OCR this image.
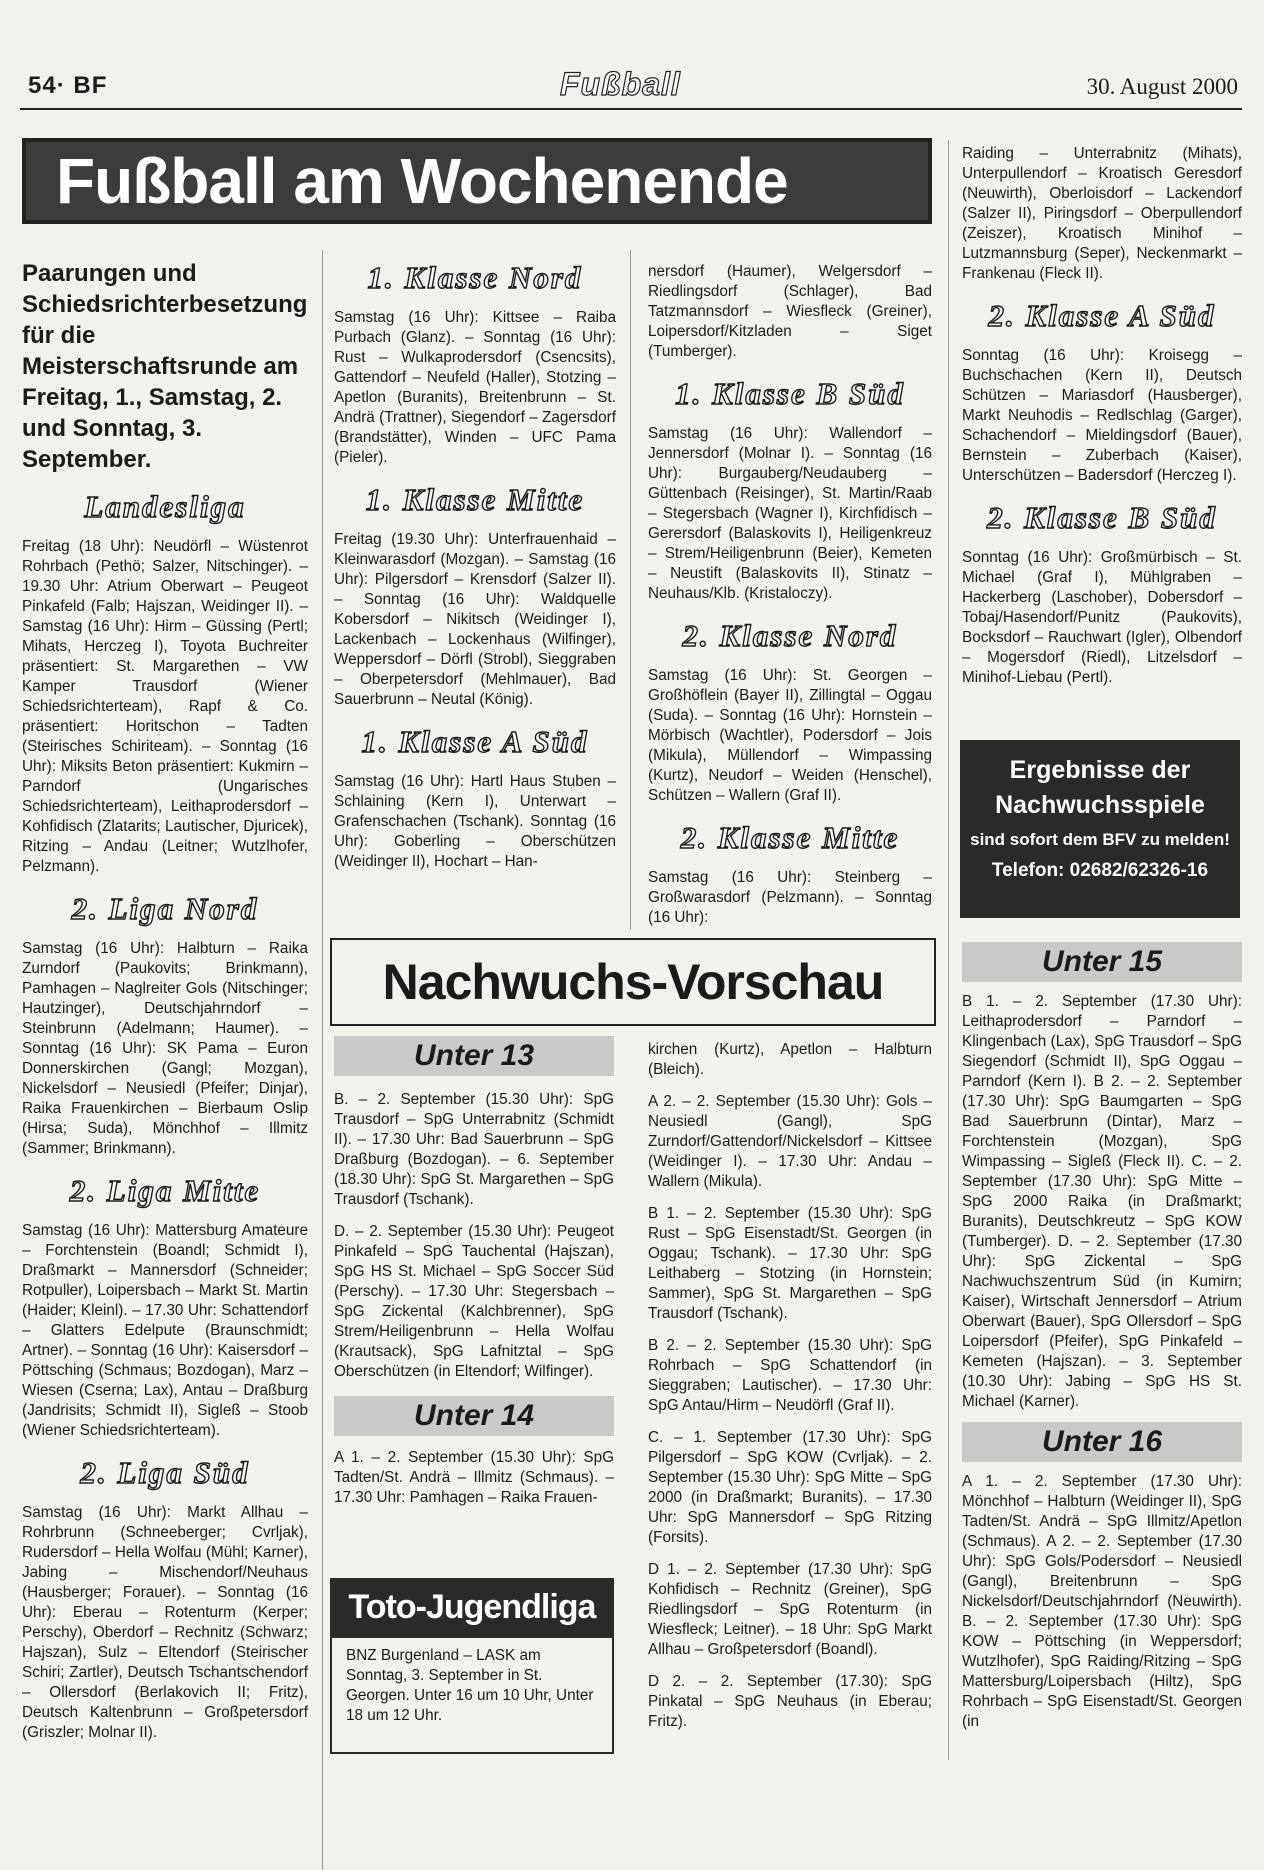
54· BF	Fußball	30. August 2000
Fußball am Wochenende

Paarungen und Schiedsrichterbesetzung für die Meisterschaftsrunde am Freitag, 1., Samstag, 2. und Sonntag, 3. September.

Landesliga

Freitag (18 Uhr): Neudörfl – Wüstenrot Rohrbach (Pethö; Salzer, Nitschinger). – 19.30 Uhr: Atrium Oberwart – Peugeot Pinkafeld (Falb; Hajszan, Weidinger II). – Samstag (16 Uhr): Hirm – Güssing (Pertl; Mihats, Herczeg I), Toyota Buchreiter präsentiert: St. Margarethen – VW Kamper Trausdorf (Wiener Schiedsrichterteam), Rapf & Co. präsentiert: Horitschon – Tadten (Steirisches Schiriteam). – Sonntag (16 Uhr): Miksits Beton präsentiert: Kukmirn – Parndorf (Ungarisches Schiedsrichterteam), Leithaprodersdorf – Kohfidisch (Zlatarits; Lautischer, Djuricek), Ritzing – Andau (Leitner; Wutzlhofer, Pelzmann).

2. Liga Nord

Samstag (16 Uhr): Halbturn – Raika Zurndorf (Paukovits; Brinkmann), Pamhagen – Naglreiter Gols (Nitschinger; Hautzinger), Deutschjahrndorf – Steinbrunn (Adelmann; Haumer). – Sonntag (16 Uhr): SK Pama – Euron Donnerskirchen (Gangl; Mozgan), Nickelsdorf – Neusiedl (Pfeifer; Dinjar), Raika Frauenkirchen – Bierbaum Oslip (Hirsa; Suda), Mönchhof – Illmitz (Sammer; Brinkmann).

2. Liga Mitte

Samstag (16 Uhr): Mattersburg Amateure – Forchtenstein (Boandl; Schmidt I), Draßmarkt – Mannersdorf (Schneider; Rotpuller), Loipersbach – Markt St. Martin (Haider; Kleinl). – 17.30 Uhr: Schattendorf – Glatters Edelpute (Braunschmidt; Artner). – Sonntag (16 Uhr): Kaisersdorf – Pöttsching (Schmaus; Bozdogan), Marz – Wiesen (Cserna; Lax), Antau – Draßburg (Jandrisits; Schmidt II), Sigleß – Stoob (Wiener Schiedsrichterteam).

2. Liga Süd

Samstag (16 Uhr): Markt Allhau – Rohrbrunn (Schneeberger; Cvrljak), Rudersdorf – Hella Wolfau (Mühl; Karner), Jabing – Mischendorf/Neuhaus (Hausberger; Forauer). – Sonntag (16 Uhr): Eberau – Rotenturm (Kerper; Perschy), Oberdorf – Rechnitz (Schwarz; Hajszan), Sulz – Eltendorf (Steirischer Schiri; Zartler), Deutsch Tschantschendorf – Ollersdorf (Berlakovich II; Fritz), Deutsch Kaltenbrunn – Großpetersdorf (Griszler; Molnar II).

1. Klasse Nord

Samstag (16 Uhr): Kittsee – Raiba Purbach (Glanz). – Sonntag (16 Uhr): Rust – Wulkaprodersdorf (Csencsits), Gattendorf – Neufeld (Haller), Stotzing – Apetlon (Buranits), Breitenbrunn – St. Andrä (Trattner), Siegendorf – Zagersdorf (Brandstätter), Winden – UFC Pama (Pieler).

1. Klasse Mitte

Freitag (19.30 Uhr): Unterfrauenhaid – Kleinwarasdorf (Mozgan). – Samstag (16 Uhr): Pilgersdorf – Krensdorf (Salzer II). – Sonntag (16 Uhr): Waldquelle Kobersdorf – Nikitsch (Weidinger I), Lackenbach – Lockenhaus (Wilfinger), Weppersdorf – Dörfl (Strobl), Sieggraben – Oberpetersdorf (Mehlmauer), Bad Sauerbrunn – Neutal (König).

1. Klasse A Süd

Samstag (16 Uhr): Hartl Haus Stuben – Schlaining (Kern I), Unterwart – Grafenschachen (Tschank). Sonntag (16 Uhr): Goberling – Oberschützen (Weidinger II), Hochart – Han-

nersdorf (Haumer), Welgersdorf – Riedlingsdorf (Schlager), Bad Tatzmannsdorf – Wiesfleck (Greiner), Loipersdorf/Kitzladen – Siget (Tumberger).

1. Klasse B Süd

Samstag (16 Uhr): Wallendorf – Jennersdorf (Molnar I). – Sonntag (16 Uhr): Burgauberg/Neudauberg – Güttenbach (Reisinger), St. Martin/Raab – Stegersbach (Wagner I), Kirchfidisch – Gerersdorf (Balaskovits I), Heiligenkreuz – Strem/Heiligenbrunn (Beier), Kemeten – Neustift (Balaskovits II), Stinatz – Neuhaus/Klb. (Kristaloczy).

2. Klasse Nord

Samstag (16 Uhr): St. Georgen – Großhöflein (Bayer II), Zillingtal – Oggau (Suda). – Sonntag (16 Uhr): Hornstein – Mörbisch (Wachtler), Podersdorf – Jois (Mikula), Müllendorf – Wimpassing (Kurtz), Neudorf – Weiden (Henschel), Schützen – Wallern (Graf II).

2. Klasse Mitte

Samstag (16 Uhr): Steinberg – Großwarasdorf (Pelzmann). – Sonntag (16 Uhr):

Raiding – Unterrabnitz (Mihats), Unterpullendorf – Kroatisch Geresdorf (Neuwirth), Oberloisdorf – Lackendorf (Salzer II), Piringsdorf – Oberpullendorf (Zeiszer), Kroatisch Minihof – Lutzmannsburg (Seper), Neckenmarkt – Frankenau (Fleck II).

2. Klasse A Süd

Sonntag (16 Uhr): Kroisegg – Buchschachen (Kern II), Deutsch Schützen – Mariasdorf (Hausberger), Markt Neuhodis – Redlschlag (Garger), Schachendorf – Mieldingsdorf (Bauer), Bernstein – Zuberbach (Kaiser), Unterschützen – Badersdorf (Herczeg I).

2. Klasse B Süd

Sonntag (16 Uhr): Großmürbisch – St. Michael (Graf I), Mühlgraben – Hackerberg (Laschober), Dobersdorf – Tobaj/Hasendorf/Punitz (Paukovits), Bocksdorf – Rauchwart (Igler), Olbendorf – Mogersdorf (Riedl), Litzelsdorf – Minihof-Liebau (Pertl).

Ergebnisse der
Nachwuchsspiele
sind sofort dem BFV zu melden!
Telefon: 02682/62326-16
Unter 15

B 1. – 2. September (17.30 Uhr): Leithaprodersdorf – Parndorf – Klingenbach (Lax), SpG Trausdorf – SpG Siegendorf (Schmidt II), SpG Oggau – Parndorf (Kern I). B 2. – 2. September (17.30 Uhr): SpG Baumgarten – SpG Bad Sauerbrunn (Dintar), Marz – Forchtenstein (Mozgan), SpG Wimpassing – Sigleß (Fleck II). C. – 2. September (17.30 Uhr): SpG Mitte – SpG 2000 Raika (in Draßmarkt; Buranits), Deutschkreutz – SpG KOW (Tumberger). D. – 2. September (17.30 Uhr): SpG Zickental – SpG Nachwuchszentrum Süd (in Kumirn; Kaiser), Wirtschaft Jennersdorf – Atrium Oberwart (Bauer), SpG Ollersdorf – SpG Loipersdorf (Pfeifer), SpG Pinkafeld – Kemeten (Hajszan). – 3. September (10.30 Uhr): Jabing – SpG HS St. Michael (Karner).

Unter 16

A 1. – 2. September (17.30 Uhr): Mönchhof – Halbturn (Weidinger II), SpG Tadten/St. Andrä – SpG Illmitz/Apetlon (Schmaus). A 2. – 2. September (17.30 Uhr): SpG Gols/Podersdorf – Neusiedl (Gangl), Breitenbrunn – SpG Nickelsdorf/Deutschjahrndorf (Neuwirth). B. – 2. September (17.30 Uhr): SpG KOW – Pöttsching (in Weppersdorf; Wutzlhofer), SpG Raiding/Ritzing – SpG Mattersburg/Loipersbach (Hiltz), SpG Rohrbach – SpG Eisenstadt/St. Georgen (in

Nachwuchs-Vorschau
Unter 13

B. – 2. September (15.30 Uhr): SpG Trausdorf – SpG Unterrabnitz (Schmidt II). – 17.30 Uhr: Bad Sauerbrunn – SpG Draßburg (Bozdogan). – 6. September (18.30 Uhr): SpG St. Margarethen – SpG Trausdorf (Tschank).

D. – 2. September (15.30 Uhr): Peugeot Pinkafeld – SpG Tauchental (Hajszan), SpG HS St. Michael – SpG Soccer Süd (Perschy). – 17.30 Uhr: Stegersbach – SpG Zickental (Kalchbrenner), SpG Strem/Heiligenbrunn – Hella Wolfau (Krautsack), SpG Lafnitztal – SpG Oberschützen (in Eltendorf; Wilfinger).

Unter 14

A 1. – 2. September (15.30 Uhr): SpG Tadten/St. Andrä – Illmitz (Schmaus). – 17.30 Uhr: Pamhagen – Raika Frauen-

Toto-Jugendliga
BNZ Burgenland – LASK am Sonntag, 3. September in St. Georgen. Unter 16 um 10 Uhr, Unter 18 um 12 Uhr.

kirchen (Kurtz), Apetlon – Halbturn (Bleich).

A 2. – 2. September (15.30 Uhr): Gols – Neusiedl (Gangl), SpG Zurndorf/Gattendorf/Nickelsdorf – Kittsee (Weidinger I). – 17.30 Uhr: Andau – Wallern (Mikula).

B 1. – 2. September (15.30 Uhr): SpG Rust – SpG Eisenstadt/St. Georgen (in Oggau; Tschank). – 17.30 Uhr: SpG Leithaberg – Stotzing (in Hornstein; Sammer), SpG St. Margarethen – SpG Trausdorf (Tschank).

B 2. – 2. September (15.30 Uhr): SpG Rohrbach – SpG Schattendorf (in Sieggraben; Lautischer). – 17.30 Uhr: SpG Antau/Hirm – Neudörfl (Graf II).

C. – 1. September (17.30 Uhr): SpG Pilgersdorf – SpG KOW (Cvrljak). – 2. September (15.30 Uhr): SpG Mitte – SpG 2000 (in Draßmarkt; Buranits). – 17.30 Uhr: SpG Mannersdorf – SpG Ritzing (Forsits).

D 1. – 2. September (17.30 Uhr): SpG Kohfidisch – Rechnitz (Greiner), SpG Riedlingsdorf – SpG Rotenturm (in Wiesfleck; Leitner). – 18 Uhr: SpG Markt Allhau – Großpetersdorf (Boandl).

D 2. – 2. September (17.30): SpG Pinkatal – SpG Neuhaus (in Eberau; Fritz).
